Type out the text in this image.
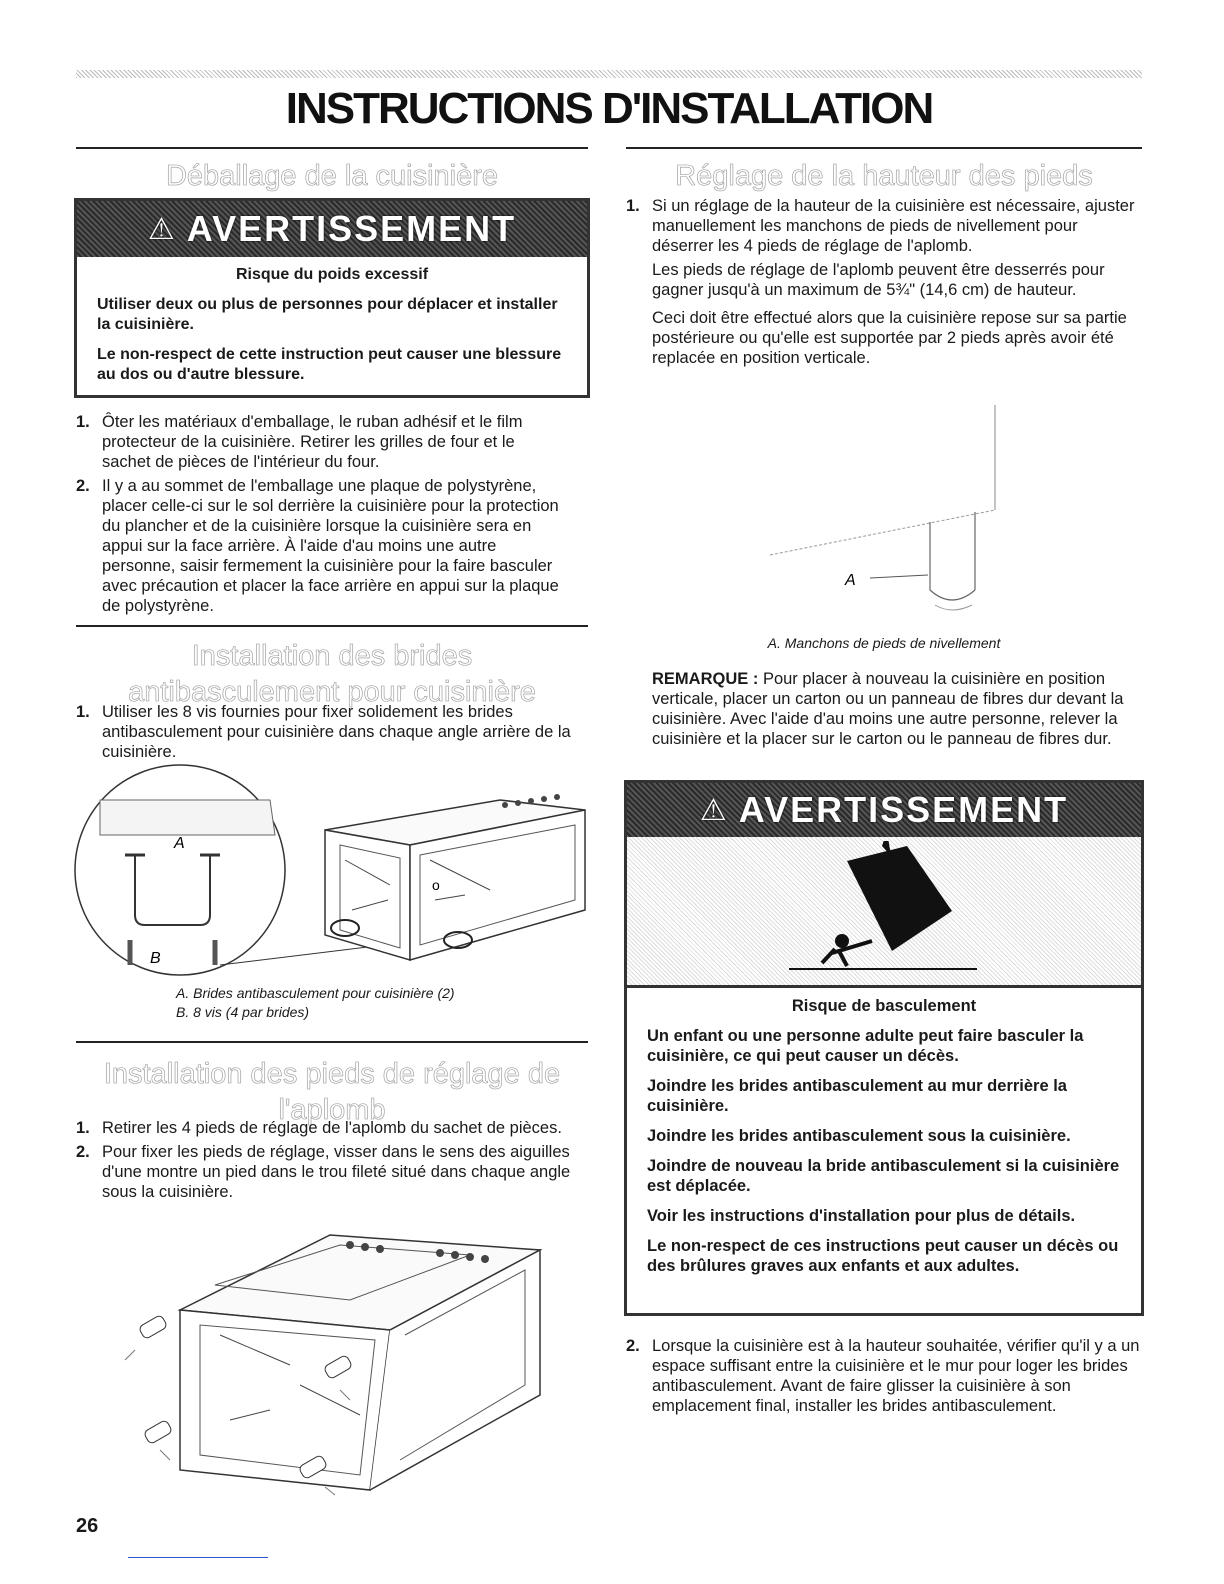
INSTRUCTIONS D'INSTALLATION
Déballage de la cuisinière
⚠ AVERTISSEMENT

Risque du poids excessif

Utiliser deux ou plus de personnes pour déplacer et installer la cuisinière.

Le non-respect de cette instruction peut causer une blessure au dos ou d'autre blessure.

1. Ôter les matériaux d'emballage, le ruban adhésif et le film protecteur de la cuisinière. Retirer les grilles de four et le sachet de pièces de l'intérieur du four.
2. Il y a au sommet de l'emballage une plaque de polystyrène, placer celle-ci sur le sol derrière la cuisinière pour la protection du plancher et de la cuisinière lorsque la cuisinière sera en appui sur la face arrière. À l'aide d'au moins une autre personne, saisir fermement la cuisinière pour la faire basculer avec précaution et placer la face arrière en appui sur la plaque de polystyrène.
Installation des brides
antibasculement pour cuisinière
1. Utiliser les 8 vis fournies pour fixer solidement les brides antibasculement pour cuisinière dans chaque angle arrière de la cuisinière.
o
A
B
A. Brides antibasculement pour cuisinière (2)
B. 8 vis (4 par brides)
Installation des pieds de réglage de
l'aplomb
1. Retirer les 4 pieds de réglage de l'aplomb du sachet de pièces.
2. Pour fixer les pieds de réglage, visser dans le sens des aiguilles d'une montre un pied dans le trou fileté situé dans chaque angle sous la cuisinière.
26
Réglage de la hauteur des pieds
1. Si un réglage de la hauteur de la cuisinière est nécessaire, ajuster manuellement les manchons de pieds de nivellement pour déserrer les 4 pieds de réglage de l'aplomb.

Les pieds de réglage de l'aplomb peuvent être desserrés pour gagner jusqu'à un maximum de 5¾" (14,6 cm) de hauteur.

Ceci doit être effectué alors que la cuisinière repose sur sa partie postérieure ou qu'elle est supportée par 2 pieds après avoir été replacée en position verticale.

A
A. Manchons de pieds de nivellement
REMARQUE : Pour placer à nouveau la cuisinière en position verticale, placer un carton ou un panneau de fibres dur devant la cuisinière. Avec l'aide d'au moins une autre personne, relever la cuisinière et la placer sur le carton ou le panneau de fibres dur.
⚠ AVERTISSEMENT

Risque de basculement

Un enfant ou une personne adulte peut faire basculer la cuisinière, ce qui peut causer un décès.

Joindre les brides antibasculement au mur derrière la cuisinière.

Joindre les brides antibasculement sous la cuisinière.

Joindre de nouveau la bride antibasculement si la cuisinière est déplacée.

Voir les instructions d'installation pour plus de détails.

Le non-respect de ces instructions peut causer un décès ou des brûlures graves aux enfants et aux adultes.

2. Lorsque la cuisinière est à la hauteur souhaitée, vérifier qu'il y a un espace suffisant entre la cuisinière et le mur pour loger les brides antibasculement. Avant de faire glisser la cuisinière à son emplacement final, installer les brides antibasculement.
